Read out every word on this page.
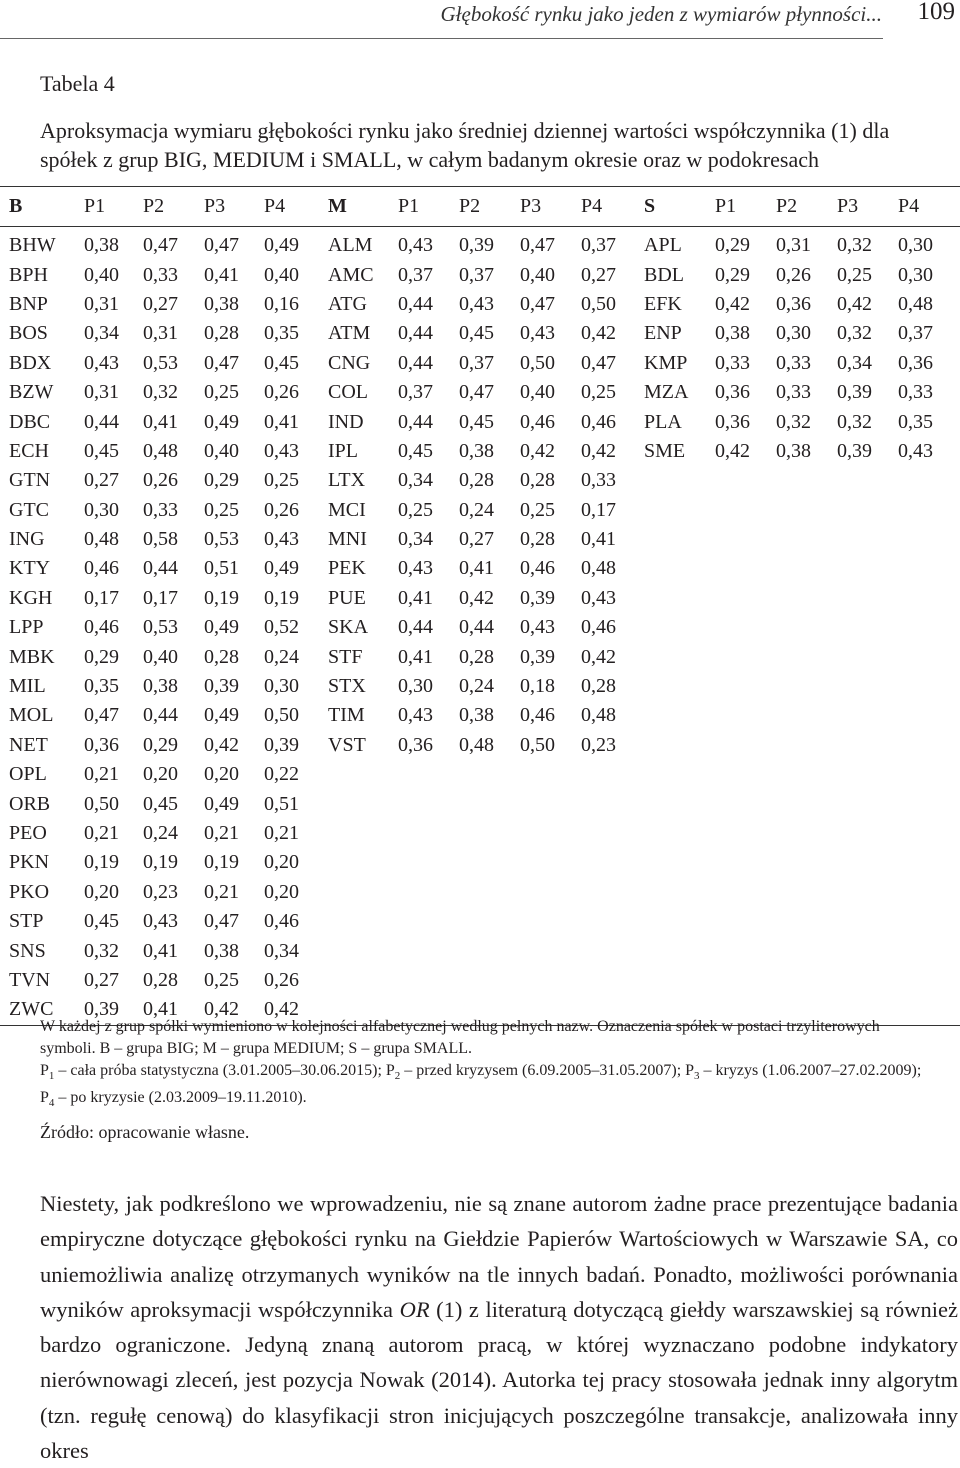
Głębokość rynku jako jeden z wymiarów płynności... 109
Tabela 4
Aproksymacja wymiaru głębokości rynku jako średniej dziennej wartości współczynnika (1) dla spółek z grup BIG, MEDIUM i SMALL, w całym badanym okresie oraz w podokresach
	B	P1	P2	P3	P4	M	P1	P2	P3	P4	S	P1	P2	P3	P4
	BHW	0,38	0,47	0,47	0,49	ALM	0,43	0,39	0,47	0,37	APL	0,29	0,31	0,32	0,30
	BPH	0,40	0,33	0,41	0,40	AMC	0,37	0,37	0,40	0,27	BDL	0,29	0,26	0,25	0,30
	BNP	0,31	0,27	0,38	0,16	ATG	0,44	0,43	0,47	0,50	EFK	0,42	0,36	0,42	0,48
	BOS	0,34	0,31	0,28	0,35	ATM	0,44	0,45	0,43	0,42	ENP	0,38	0,30	0,32	0,37
	BDX	0,43	0,53	0,47	0,45	CNG	0,44	0,37	0,50	0,47	KMP	0,33	0,33	0,34	0,36
	BZW	0,31	0,32	0,25	0,26	COL	0,37	0,47	0,40	0,25	MZA	0,36	0,33	0,39	0,33
	DBC	0,44	0,41	0,49	0,41	IND	0,44	0,45	0,46	0,46	PLA	0,36	0,32	0,32	0,35
	ECH	0,45	0,48	0,40	0,43	IPL	0,45	0,38	0,42	0,42	SME	0,42	0,38	0,39	0,43
	GTN	0,27	0,26	0,29	0,25	LTX	0,34	0,28	0,28	0,33					
	GTC	0,30	0,33	0,25	0,26	MCI	0,25	0,24	0,25	0,17					
	ING	0,48	0,58	0,53	0,43	MNI	0,34	0,27	0,28	0,41					
	KTY	0,46	0,44	0,51	0,49	PEK	0,43	0,41	0,46	0,48					
	KGH	0,17	0,17	0,19	0,19	PUE	0,41	0,42	0,39	0,43					
	LPP	0,46	0,53	0,49	0,52	SKA	0,44	0,44	0,43	0,46					
	MBK	0,29	0,40	0,28	0,24	STF	0,41	0,28	0,39	0,42					
	MIL	0,35	0,38	0,39	0,30	STX	0,30	0,24	0,18	0,28					
	MOL	0,47	0,44	0,49	0,50	TIM	0,43	0,38	0,46	0,48					
	NET	0,36	0,29	0,42	0,39	VST	0,36	0,48	0,50	0,23					
	OPL	0,21	0,20	0,20	0,22										
	ORB	0,50	0,45	0,49	0,51										
	PEO	0,21	0,24	0,21	0,21										
	PKN	0,19	0,19	0,19	0,20										
	PKO	0,20	0,23	0,21	0,20										
	STP	0,45	0,43	0,47	0,46										
	SNS	0,32	0,41	0,38	0,34										
	TVN	0,27	0,28	0,25	0,26										
	ZWC	0,39	0,41	0,42	0,42										

W każdej z grup spółki wymieniono w kolejności alfabetycznej według pełnych nazw. Oznaczenia spółek w postaci trzyliterowych symboli. B – grupa BIG; M – grupa MEDIUM; S – grupa SMALL.

$P_1$ – cała próba statystyczna (3.01.2005–30.06.2015); $P_2$ – przed kryzysem (6.09.2005–31.05.2007); $P_3$ – kryzys (1.06.2007–27.02.2009); $P_4$ – po kryzysie (2.03.2009–19.11.2010).

Źródło: opracowanie własne.

Niestety, jak podkreślono we wprowadzeniu, nie są znane autorom żadne prace prezentujące badania empiryczne dotyczące głębokości rynku na Giełdzie Papierów Wartościowych w Warszawie SA, co uniemożliwia analizę otrzymanych wyników na tle innych badań. Ponadto, możliwości porównania wyników aproksymacji współczynnika OR (1) z literaturą dotyczącą giełdy warszawskiej są również bardzo ograniczone. Jedyną znaną autorom pracą, w której wyznaczano podobne indykatory nierównowagi zleceń, jest pozycja Nowak (2014). Autorka tej pracy stosowała jednak inny algorytm (tzn. regułę cenową) do klasyfikacji stron inicjujących poszczególne transakcje, analizowała inny okres
